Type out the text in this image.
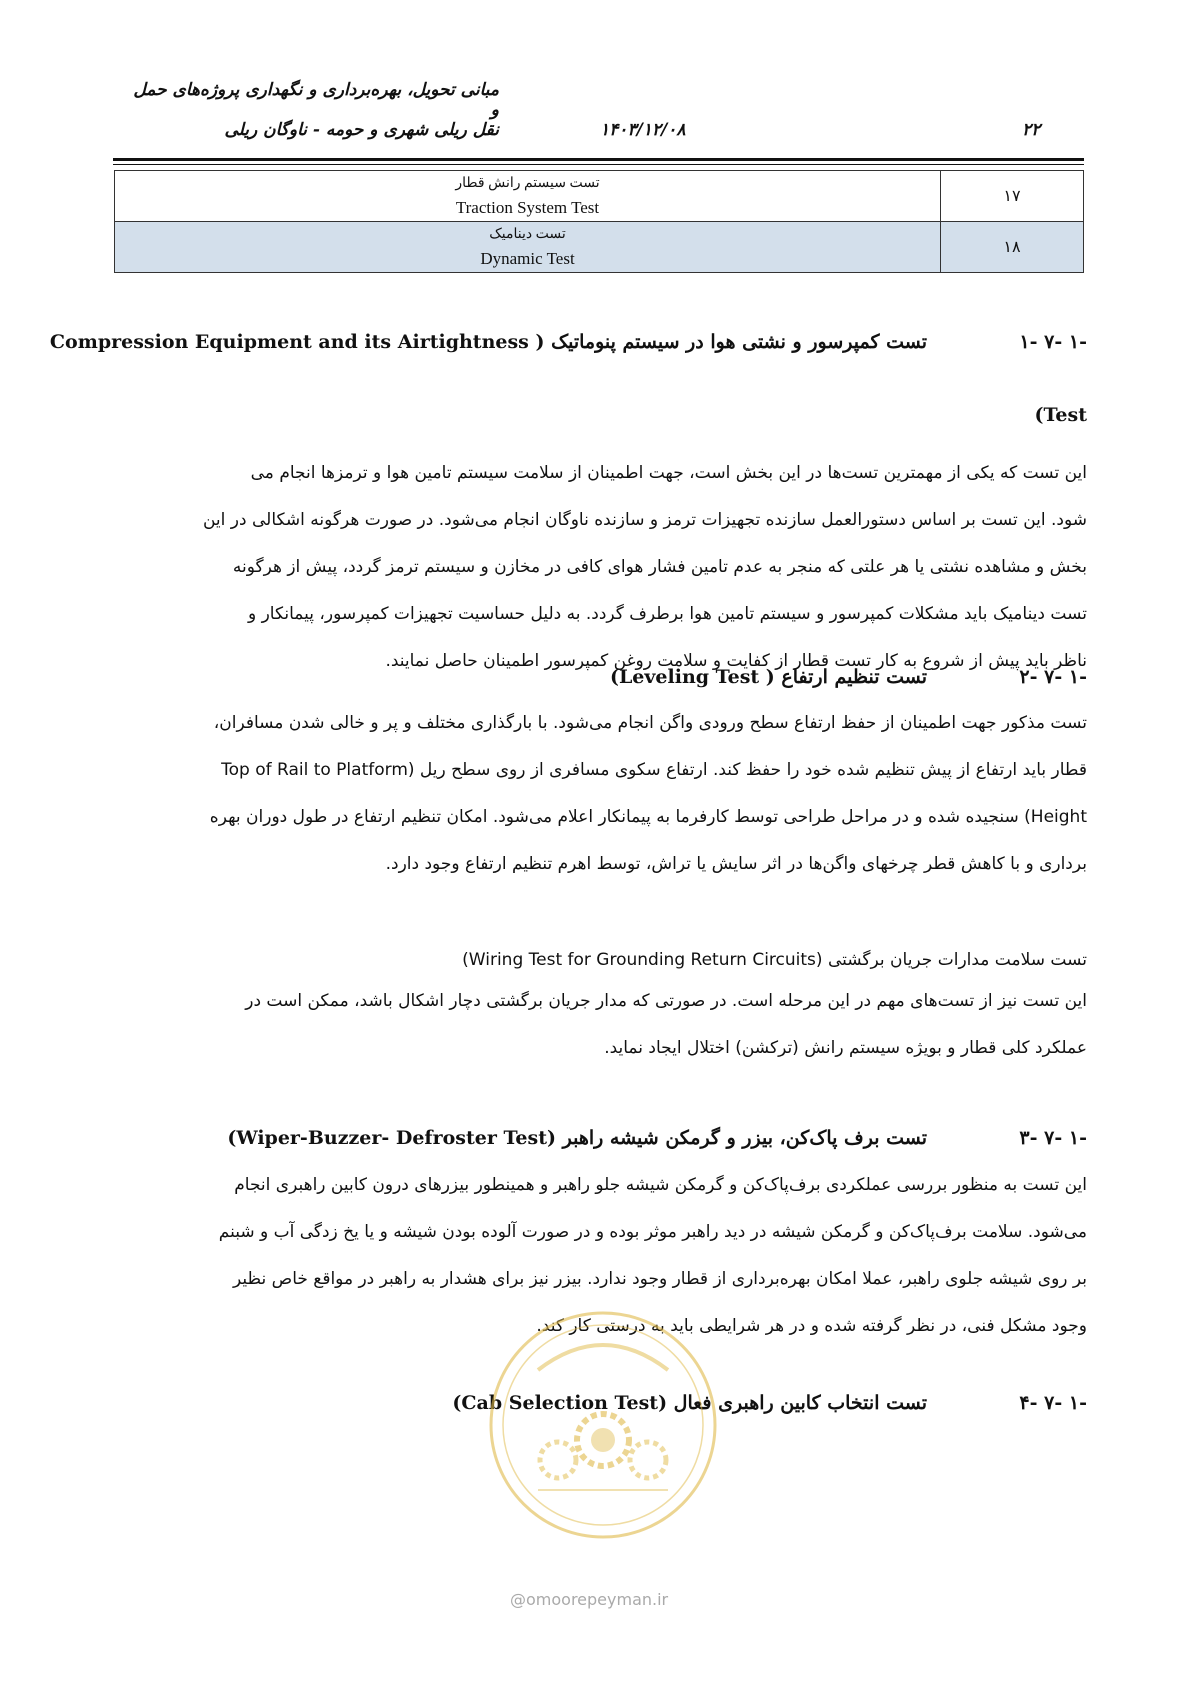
مبانی تحویل، بهره‌برداری و نگهداری پروژه‌های حمل و
نقل ریلی شهری و حومه - ناوگان ریلی	۱۴۰۳/۱۲/۰۸	۲۲
تست سیستم رانش قطار
Traction System Test	۱۷

تست دینامیک
Dynamic Test	۱۸
-۱ -۷ -۱
تست کمپرسور و نشتی هوا در سیستم پنوماتیک ( Compression Equipment and its Airtightness
Test)
این تست که یکی از مهمترین تست‌ها در این بخش است، جهت اطمینان از سلامت سیستم تامین هوا و ترمزها انجام می
شود. این تست بر اساس دستورالعمل سازنده تجهیزات ترمز و سازنده ناوگان انجام می‌شود. در صورت هرگونه اشکالی در این
بخش و مشاهده نشتی یا هر علتی که منجر به عدم تامین فشار هوای کافی در مخازن و سیستم ترمز گردد، پیش از هرگونه
تست دینامیک باید مشکلات کمپرسور و سیستم تامین هوا برطرف گردد. به دلیل حساسیت تجهیزات کمپرسور، پیمانکار و
ناظر باید پیش از شروع به کار تست قطار از کفایت و سلامت روغن کمپرسور اطمینان حاصل نمایند.
-۱ -۷ -۲
تست تنظیم ارتفاع ( Leveling Test)
تست مذکور جهت اطمینان از حفظ ارتفاع سطح ورودی واگن انجام می‌شود. با بارگذاری مختلف و پر و خالی شدن مسافران،
قطار باید ارتفاع از پیش تنظیم شده خود را حفظ کند. ارتفاع سکوی مسافری از روی سطح ریل (Top of Rail to Platform
Height) سنجیده شده و در مراحل طراحی توسط کارفرما به پیمانکار اعلام می‌شود. امکان تنظیم ارتفاع در طول دوران بهره
برداری و با کاهش قطر چرخهای واگن‌ها در اثر سایش یا تراش، توسط اهرم تنظیم ارتفاع وجود دارد.
تست سلامت مدارات جریان برگشتی (Wiring Test for Grounding Return Circuits)
این تست نیز از تست‌های مهم در این مرحله است. در صورتی که مدار جریان برگشتی دچار اشکال باشد، ممکن است در
عملکرد کلی قطار و بویژه سیستم رانش (ترکشن) اختلال ایجاد نماید.
-۱ -۷ -۳
تست برف پاک‌کن، بیزر و گرمکن شیشه راهبر (Wiper-Buzzer- Defroster Test)
این تست به منظور بررسی عملکردی برف‌پاک‌کن و گرمکن شیشه جلو راهبر و همینطور بیزرهای درون کابین راهبری انجام
می‌شود. سلامت برف‌پاک‌کن و گرمکن شیشه در دید راهبر موثر بوده و در صورت آلوده بودن شیشه و یا یخ زدگی آب و شبنم
بر روی شیشه جلوی راهبر، عملا امکان بهره‌برداری از قطار وجود ندارد. بیزر نیز برای هشدار به راهبر در مواقع خاص نظیر
وجود مشکل فنی، در نظر گرفته شده و در هر شرایطی باید به درستی کار کند.
-۱ -۷ -۴
تست انتخاب کابین راهبری فعال (Cab Selection Test)
@omoorepeyman.ir
